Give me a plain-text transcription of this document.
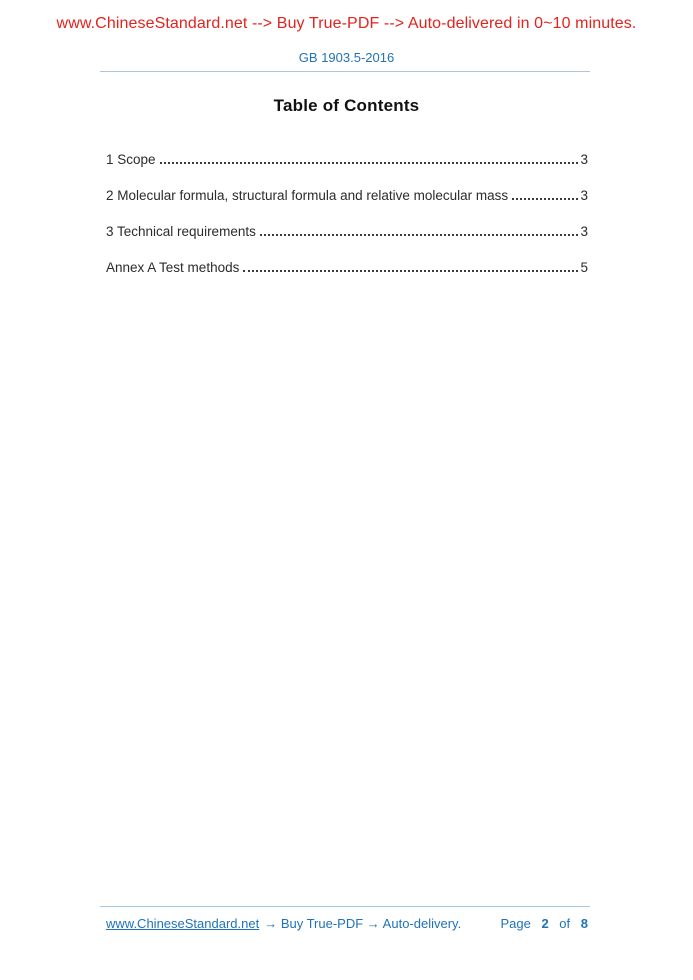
www.ChineseStandard.net --> Buy True-PDF --> Auto-delivered in 0~10 minutes.
GB 1903.5-2016
Table of Contents
1 Scope	3
2 Molecular formula, structural formula and relative molecular mass	3
3 Technical requirements	3
Annex A Test methods	5
www.ChineseStandard.net → Buy True-PDF → Auto-delivery.	Page 2 of 8
